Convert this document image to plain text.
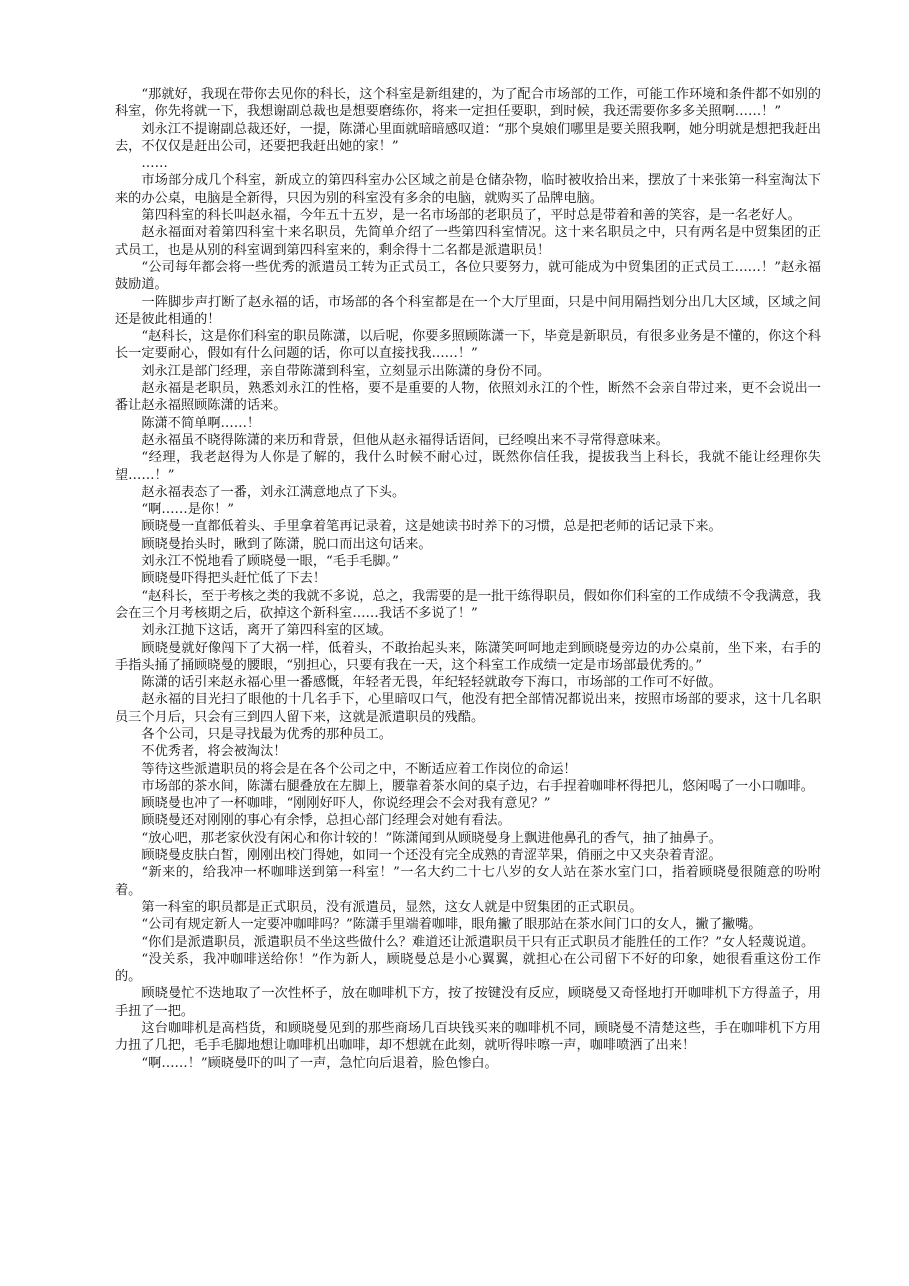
“那就好，我现在带你去见你的科长，这个科室是新组建的，为了配合市场部的工作，可能工作环境和条件都不如别的科室，你先将就一下，我想谢副总裁也是想要磨练你，将来一定担任要职，到时候，我还需要你多多关照啊……！”

刘永江不提谢副总裁还好，一提，陈潇心里面就暗暗感叹道：“那个臭娘们哪里是要关照我啊，她分明就是想把我赶出去，不仅仅是赶出公司，还要把我赶出她的家！”

……

市场部分成几个科室，新成立的第四科室办公区域之前是仓储杂物，临时被收拾出来，摆放了十来张第一科室淘汰下来的办公桌，电脑是全新得，只因为别的科室没有多余的电脑，就购买了品牌电脑。

第四科室的科长叫赵永福，今年五十五岁，是一名市场部的老职员了，平时总是带着和善的笑容，是一名老好人。

赵永福面对着第四科室十来名职员，先简单介绍了一些第四科室情况。这十来名职员之中，只有两名是中贸集团的正式员工，也是从别的科室调到第四科室来的，剩余得十二名都是派遣职员！

“公司每年都会将一些优秀的派遣员工转为正式员工，各位只要努力，就可能成为中贸集团的正式员工……！”赵永福鼓励道。

一阵脚步声打断了赵永福的话，市场部的各个科室都是在一个大厅里面，只是中间用隔挡划分出几大区域，区域之间还是彼此相通的！

“赵科长，这是你们科室的职员陈潇，以后呢，你要多照顾陈潇一下，毕竟是新职员，有很多业务是不懂的，你这个科长一定要耐心，假如有什么问题的话，你可以直接找我……！”

刘永江是部门经理，亲自带陈潇到科室，立刻显示出陈潇的身份不同。

赵永福是老职员，熟悉刘永江的性格，要不是重要的人物，依照刘永江的个性，断然不会亲自带过来，更不会说出一番让赵永福照顾陈潇的话来。

陈潇不简单啊……！

赵永福虽不晓得陈潇的来历和背景，但他从赵永福得话语间，已经嗅出来不寻常得意味来。

“经理，我老赵得为人你是了解的，我什么时候不耐心过，既然你信任我，提拔我当上科长，我就不能让经理你失望……！”

赵永福表态了一番，刘永江满意地点了下头。

“啊……是你！”

顾晓曼一直都低着头、手里拿着笔再记录着，这是她读书时养下的习惯，总是把老师的话记录下来。

顾晓曼抬头时，瞅到了陈潇，脱口而出这句话来。

刘永江不悦地看了顾晓曼一眼，“毛手毛脚。”

顾晓曼吓得把头赶忙低了下去！

“赵科长，至于考核之类的我就不多说，总之，我需要的是一批干练得职员，假如你们科室的工作成绩不令我满意，我会在三个月考核期之后，砍掉这个新科室……我话不多说了！”

刘永江抛下这话，离开了第四科室的区域。

顾晓曼就好像闯下了大祸一样，低着头，不敢抬起头来，陈潇笑呵呵地走到顾晓曼旁边的办公桌前，坐下来，右手的手指头捅了捅顾晓曼的腰眼，“别担心，只要有我在一天，这个科室工作成绩一定是市场部最优秀的。”

陈潇的话引来赵永福心里一番感慨，年轻者无畏，年纪轻轻就敢夸下海口，市场部的工作可不好做。

赵永福的目光扫了眼他的十几名手下，心里暗叹口气，他没有把全部情况都说出来，按照市场部的要求，这十几名职员三个月后，只会有三到四人留下来，这就是派遣职员的残酷。

各个公司，只是寻找最为优秀的那种员工。

不优秀者，将会被淘汰！

等待这些派遣职员的将会是在各个公司之中，不断适应着工作岗位的命运！

市场部的茶水间，陈潇右腿叠放在左脚上，腰靠着茶水间的桌子边，右手捏着咖啡杯得把儿，悠闲喝了一小口咖啡。

顾晓曼也冲了一杯咖啡，“刚刚好吓人，你说经理会不会对我有意见？”

顾晓曼还对刚刚的事心有余悸，总担心部门经理会对她有看法。

“放心吧，那老家伙没有闲心和你计较的！”陈潇闻到从顾晓曼身上飘进他鼻孔的香气，抽了抽鼻子。

顾晓曼皮肤白皙，刚刚出校门得她，如同一个还没有完全成熟的青涩苹果，俏丽之中又夹杂着青涩。

“新来的，给我冲一杯咖啡送到第一科室！”一名大约二十七八岁的女人站在茶水室门口，指着顾晓曼很随意的吩咐着。

第一科室的职员都是正式职员，没有派遣员，显然，这女人就是中贸集团的正式职员。

“公司有规定新人一定要冲咖啡吗？”陈潇手里端着咖啡，眼角撇了眼那站在茶水间门口的女人，撇了撇嘴。

“你们是派遣职员，派遣职员不坐这些做什么？难道还让派遣职员干只有正式职员才能胜任的工作？”女人轻蔑说道。

“没关系，我冲咖啡送给你！”作为新人，顾晓曼总是小心翼翼，就担心在公司留下不好的印象，她很看重这份工作的。

顾晓曼忙不迭地取了一次性杯子，放在咖啡机下方，按了按键没有反应，顾晓曼又奇怪地打开咖啡机下方得盖子，用手扭了一把。

这台咖啡机是高档货，和顾晓曼见到的那些商场几百块钱买来的咖啡机不同，顾晓曼不清楚这些，手在咖啡机下方用力扭了几把，毛手毛脚地想让咖啡机出咖啡，却不想就在此刻，就听得咔嚓一声，咖啡喷洒了出来！

“啊……！”顾晓曼吓的叫了一声，急忙向后退着，脸色惨白。
